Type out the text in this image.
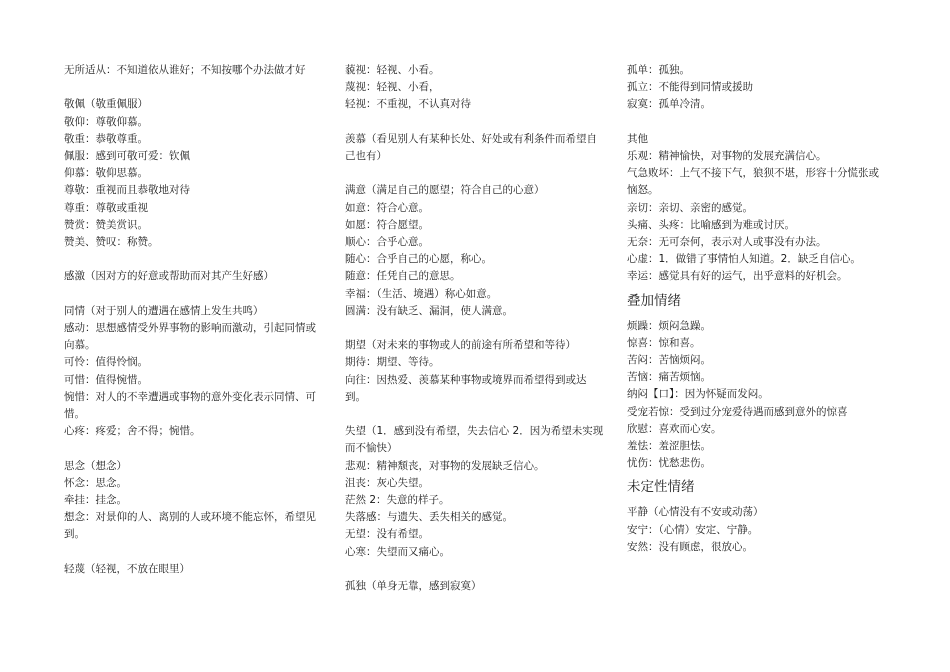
无所适从：不知道依从谁好；不知按哪个办法做才好

敬佩（敬重佩服）

敬仰：尊敬仰慕。

敬重：恭敬尊重。

佩服：感到可敬可爱：钦佩

仰慕：敬仰思慕。

尊敬：重视而且恭敬地对待

尊重：尊敬或重视

赞赏：赞美赏识。

赞美、赞叹：称赞。

感激（因对方的好意或帮助而对其产生好感）

同情（对于别人的遭遇在感情上发生共鸣）

感动：思想感情受外界事物的影响而激动，引起同情或向慕。

可怜：值得怜悯。

可惜：值得惋惜。

惋惜：对人的不幸遭遇或事物的意外变化表示同情、可惜。

心疼：疼爱；舍不得；惋惜。

思念（想念）

怀念：思念。

牵挂：挂念。

想念：对景仰的人、离别的人或环境不能忘怀，希望见到。

轻蔑（轻视，不放在眼里）

藐视：轻视、小看。

蔑视：轻视、小看，

轻视：不重视，不认真对待

羡慕（看见别人有某种长处、好处或有利条件而希望自己也有）

满意（满足自己的愿望；符合自己的心意）

如意：符合心意。

如愿：符合愿望。

顺心：合乎心意。

随心：合乎自己的心愿，称心。

随意：任凭自己的意思。

幸福：（生活、境遇）称心如意。

圆满：没有缺乏、漏洞，使人满意。

期望（对未来的事物或人的前途有所希望和等待）

期待：期望、等待。

向往：因热爱、羡慕某种事物或境界而希望得到或达到。

失望（1．感到没有希望，失去信心 2．因为希望未实现而不愉快）

悲观：精神颓丧，对事物的发展缺乏信心。

沮丧：灰心失望。

茫然 2：失意的样子。

失落感：与遗失、丢失相关的感觉。

无望：没有希望。

心寒：失望而又痛心。

孤独（单身无靠，感到寂寞）

孤单：孤独。

孤立：不能得到同情或援助

寂寞：孤单冷清。

其他

乐观：精神愉快，对事物的发展充满信心。

气急败坏：上气不接下气，狼狈不堪，形容十分慌张或恼怒。

亲切：亲切、亲密的感觉。

头痛、头疼：比喻感到为难或讨厌。

无奈：无可奈何，表示对人或事没有办法。

心虚：1．做错了事情怕人知道。2．缺乏自信心。

幸运：感觉具有好的运气，出乎意料的好机会。

叠加情绪

烦躁：烦闷急躁。

惊喜：惊和喜。

苦闷：苦恼烦闷。

苦恼：痛苦烦恼。

纳闷【口】：因为怀疑而发闷。

受宠若惊：受到过分宠爱待遇而感到意外的惊喜

欣慰：喜欢而心安。

羞怯：羞涩胆怯。

忧伤：忧愁悲伤。

未定性情绪

平静（心情没有不安或动荡）

安宁：（心情）安定、宁静。

安然：没有顾虑，很放心。
